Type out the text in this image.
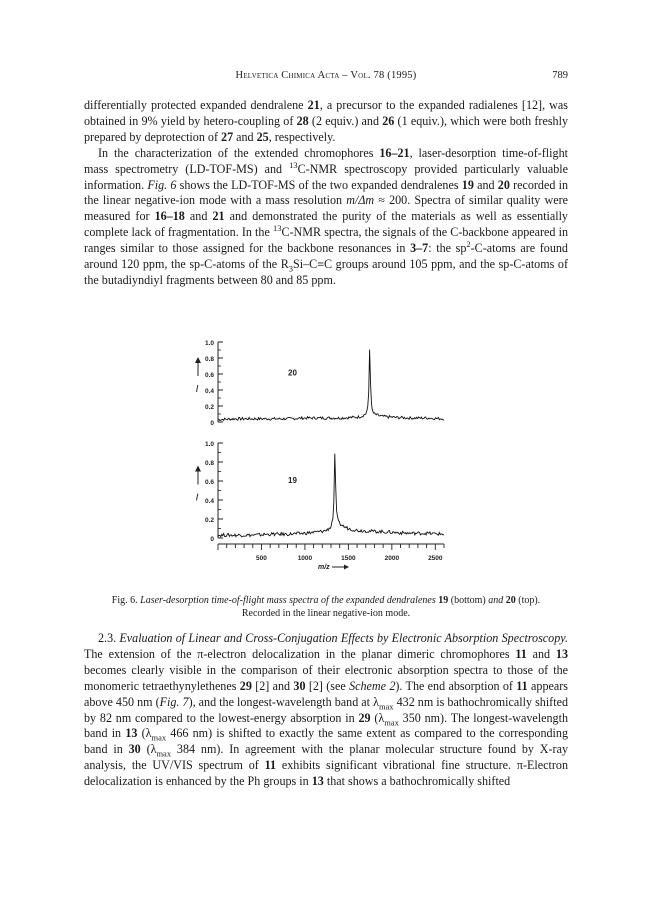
Helvetica Chimica Acta – Vol. 78 (1995)	789

differentially protected expanded dendralene 21, a precursor to the expanded radialenes [12], was obtained in 9% yield by hetero-coupling of 28 (2 equiv.) and 26 (1 equiv.), which were both freshly prepared by deprotection of 27 and 25, respectively.

In the characterization of the extended chromophores 16–21, laser-desorption time-of-flight mass spectrometry (LD-TOF-MS) and $^{13}$C-NMR spectroscopy provided particularly valuable information. Fig. 6 shows the LD-TOF-MS of the two expanded dendralenes 19 and 20 recorded in the linear negative-ion mode with a mass resolution m/Δm ≈ 200. Spectra of similar quality were measured for 16–18 and 21 and demonstrated the purity of the materials as well as essentially complete lack of fragmentation. In the $^{13}$C-NMR spectra, the signals of the C-backbone appeared in ranges similar to those assigned for the backbone resonances in 3–7: the $sp^2-C$-atoms are found around 120 ppm, the sp-C-atoms of the $R_3Si-C\equiv C$ groups around 105 ppm, and the sp-C-atoms of the butadiyndiyl fragments between 80 and 85 ppm.

0
0.2
0.4
0.6
0.8
1.0
I
20
0
0.2
0.4
0.6
0.8
1.0
I
19
500	1000	1500	2000	2500
m/z
Fig. 6. Laser-desorption time-of-flight mass spectra of the expanded dendralenes 19 (bottom) and 20 (top).
Recorded in the linear negative-ion mode.

2.3. Evaluation of Linear and Cross-Conjugation Effects by Electronic Absorption Spectroscopy. The extension of the π-electron delocalization in the planar dimeric chromophores 11 and 13 becomes clearly visible in the comparison of their electronic absorption spectra to those of the monomeric tetraethynylethenes 29 [2] and 30 [2] (see Scheme 2). The end absorption of 11 appears above 450 nm (Fig. 7), and the longest-wavelength band at $\lambda_{max}$ 432 nm is bathochromically shifted by 82 nm compared to the lowest-energy absorption in 29 ($\lambda_{max}$ 350 nm). The longest-wavelength band in 13 ($\lambda_{max}$ 466 nm) is shifted to exactly the same extent as compared to the corresponding band in 30 ($\lambda_{max}$ 384 nm). In agreement with the planar molecular structure found by X-ray analysis, the UV/VIS spectrum of 11 exhibits significant vibrational fine structure. π-Electron delocalization is enhanced by the Ph groups in 13 that shows a bathochromically shifted
